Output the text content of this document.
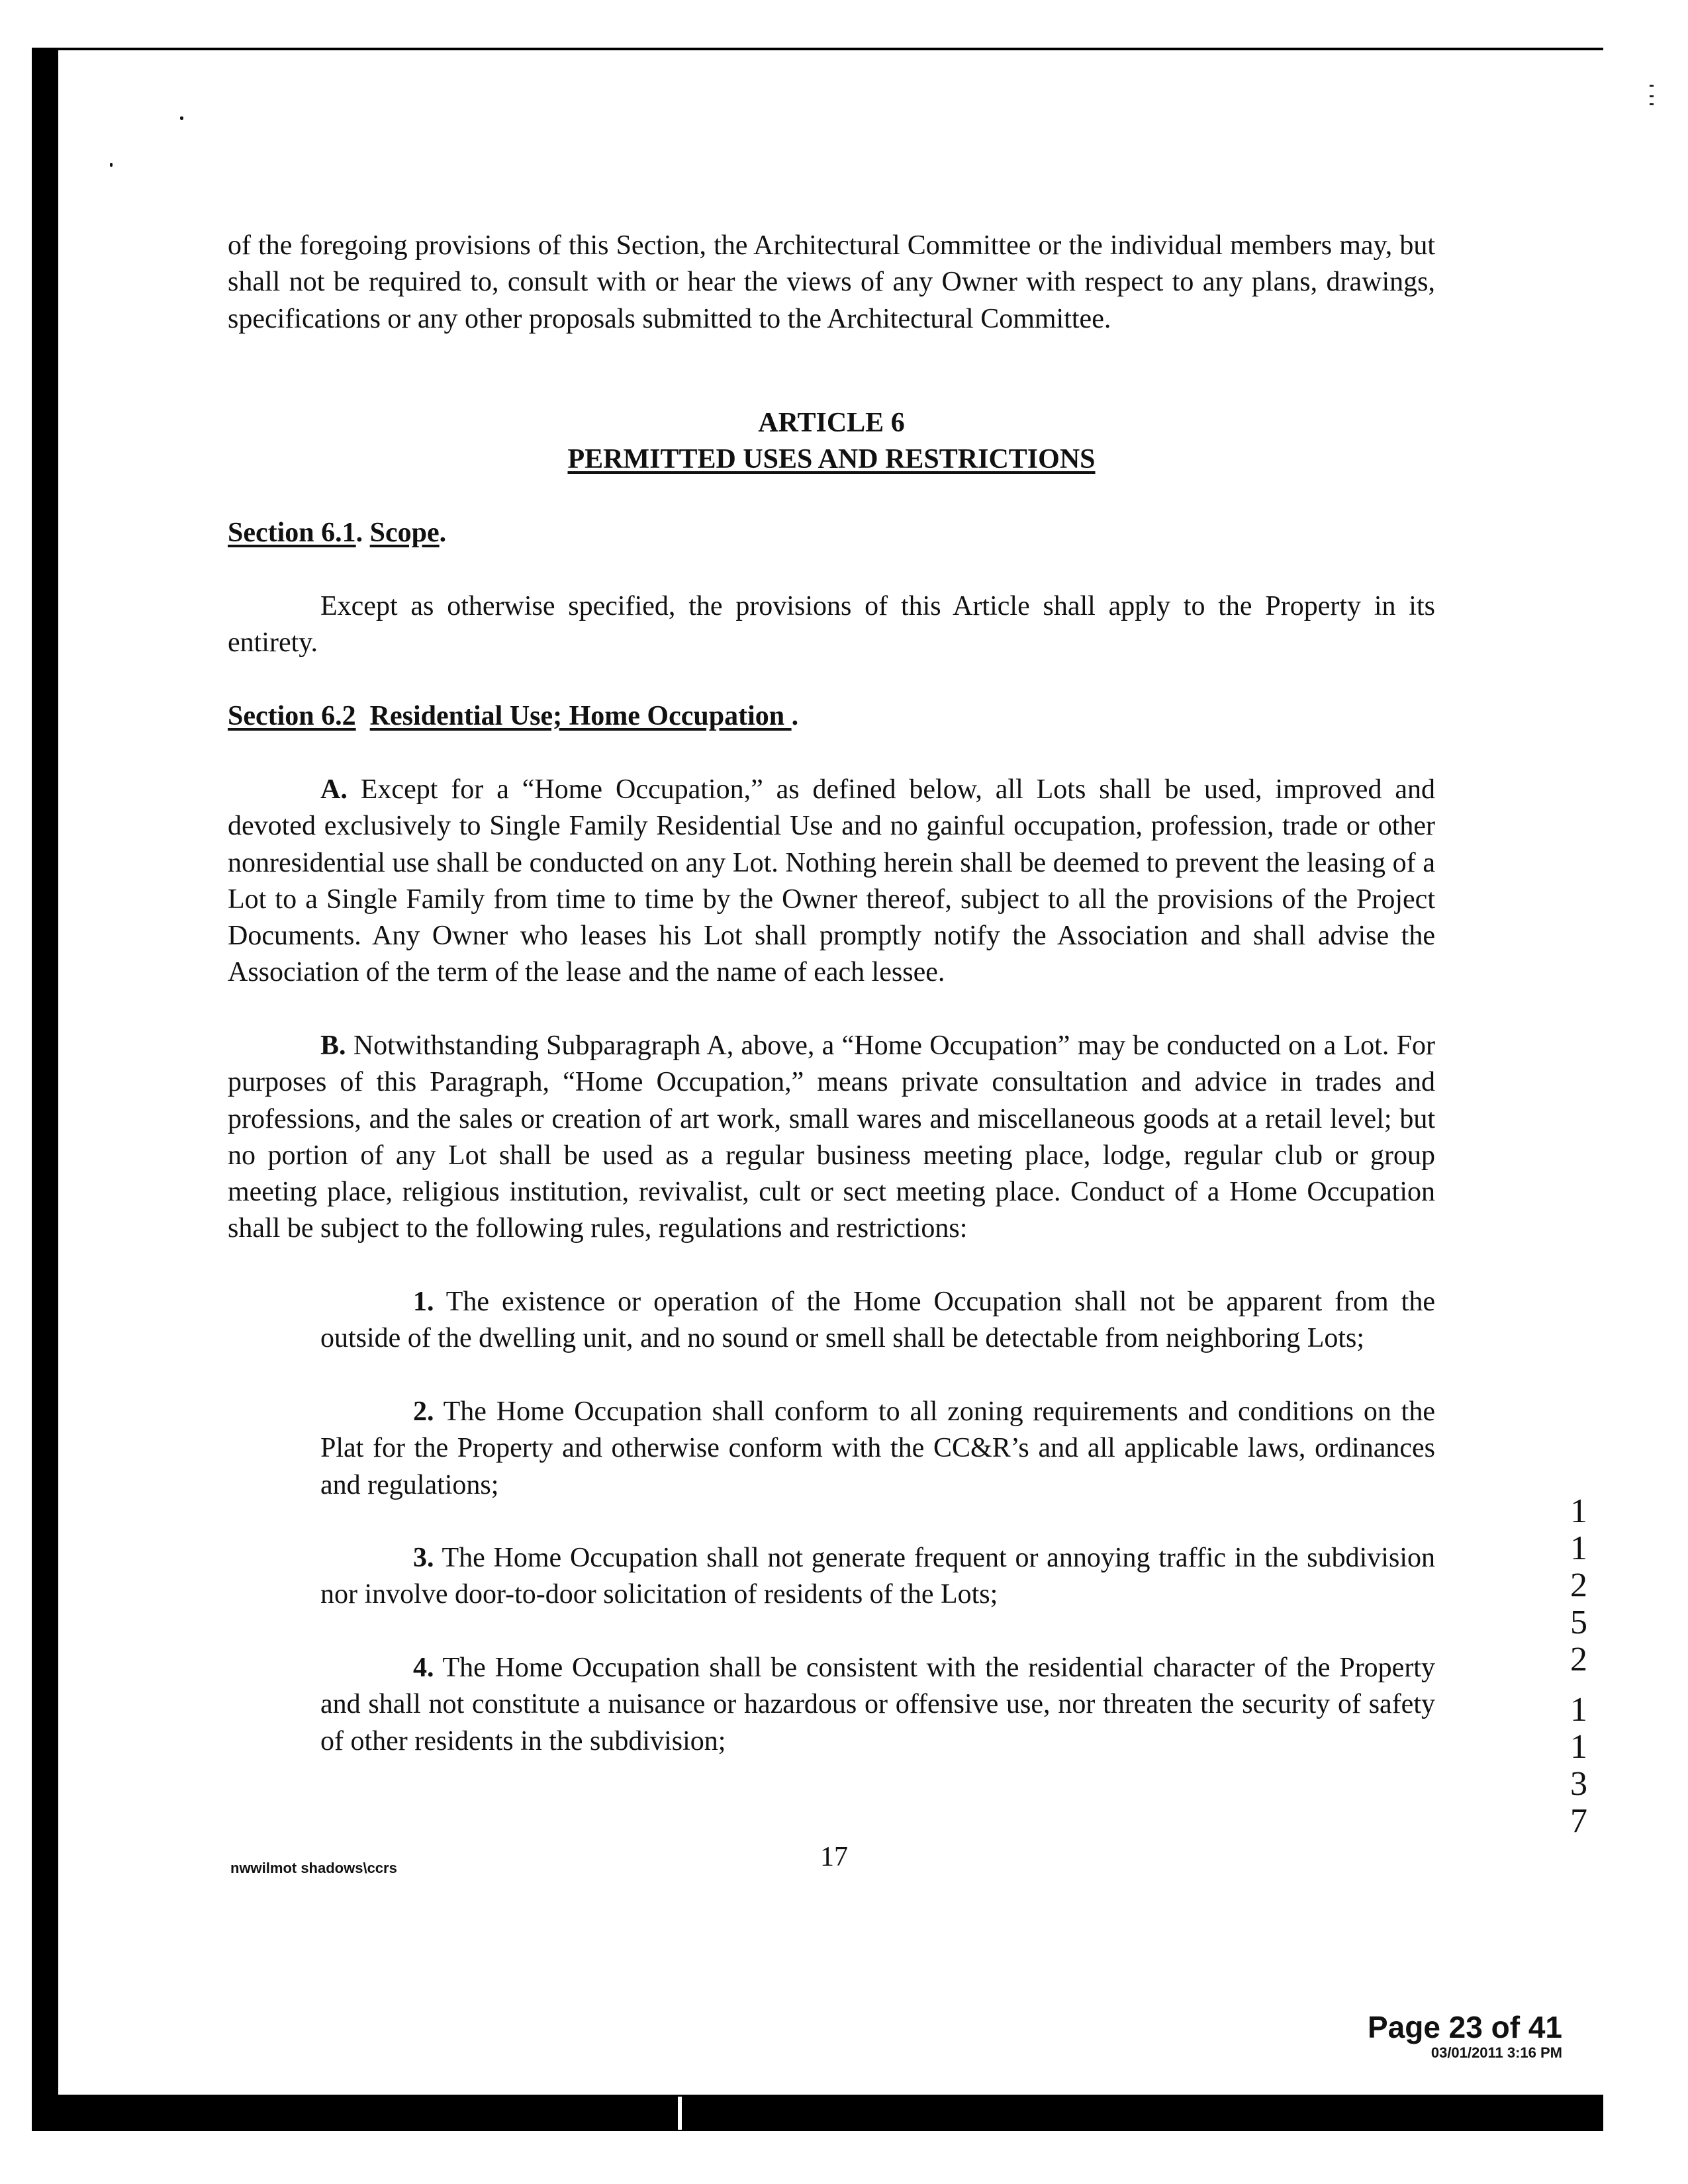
of the foregoing provisions of this Section, the Architectural Committee or the individual members may, but shall not be required to, consult with or hear the views of any Owner with respect to any plans, drawings, specifications or any other proposals submitted to the Architectural Committee.
ARTICLE 6
PERMITTED USES AND RESTRICTIONS
Section 6.1. Scope.
Except as otherwise specified, the provisions of this Article shall apply to the Property in its entirety.
Section 6.2 Residential Use; Home Occupation .
A. Except for a “Home Occupation,” as defined below, all Lots shall be used, improved and devoted exclusively to Single Family Residential Use and no gainful occupation, profession, trade or other nonresidential use shall be conducted on any Lot. Nothing herein shall be deemed to prevent the leasing of a Lot to a Single Family from time to time by the Owner thereof, subject to all the provisions of the Project Documents. Any Owner who leases his Lot shall promptly notify the Association and shall advise the Association of the term of the lease and the name of each lessee.
B. Notwithstanding Subparagraph A, above, a “Home Occupation” may be conducted on a Lot. For purposes of this Paragraph, “Home Occupation,” means private consultation and advice in trades and professions, and the sales or creation of art work, small wares and miscellaneous goods at a retail level; but no portion of any Lot shall be used as a regular business meeting place, lodge, regular club or group meeting place, religious institution, revivalist, cult or sect meeting place. Conduct of a Home Occupation shall be subject to the following rules, regulations and restrictions:
1. The existence or operation of the Home Occupation shall not be apparent from the outside of the dwelling unit, and no sound or smell shall be detectable from neighboring Lots;
2. The Home Occupation shall conform to all zoning requirements and conditions on the Plat for the Property and otherwise conform with the CC&R’s and all applicable laws, ordinances and regulations;
3. The Home Occupation shall not generate frequent or annoying traffic in the subdivision nor involve door-to-door solicitation of residents of the Lots;
4. The Home Occupation shall be consistent with the residential character of the Property and shall not constitute a nuisance or hazardous or offensive use, nor threaten the security of safety of other residents in the subdivision;
1
1
2
5
2
1
1
3
7
nwwilmot shadows\ccrs	17
Page 23 of 41
03/01/2011 3:16 PM
